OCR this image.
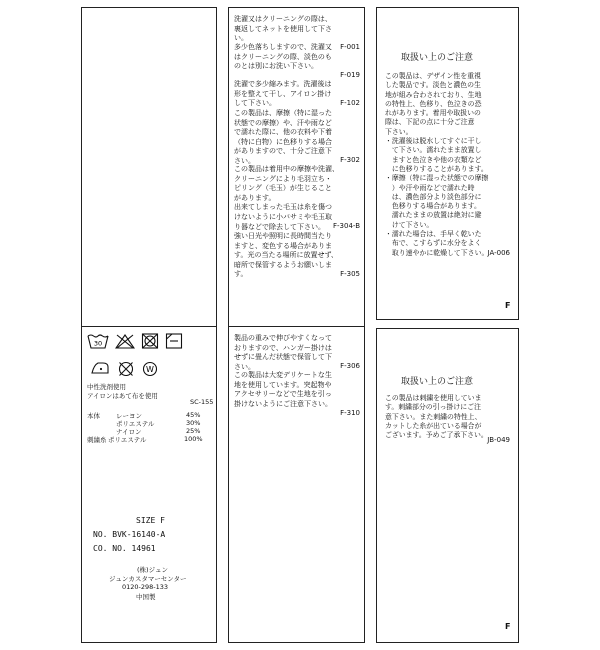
30
W
中性洗剤使用
アイロンはあて布を使用
SC-155
本体 レーヨン	45%
ポリエステル	30%
ナイロン	25%
刺繍糸 ポリエステル	100%
SIZE F
NO. BVK-16140-A
CO. NO. 14961
(株)ジュン
ジュンカスタマーセンター
0120-298-133
中国製
洗濯又はクリーニングの際は、
裏返してネットを使用して下さ
い。
F-001
多少色落ちしますので、洗濯又
はクリーニングの際、淡色のも
のとは別にお洗い下さい。
F-019
洗濯で多少縮みます。洗濯後は
形を整えて干し、アイロン掛け
して下さい。	F-102
この製品は、摩擦（特に湿った
状態での摩擦）や、汗や雨など
で濡れた際に、他の衣料や下着
（特に白物）に色移りする場合
がありますので、十分ご注意下
さい。	F-302
この製品は着用中の摩擦や洗濯、
クリーニングにより毛羽立ち・
ピリング（毛玉）が生じること
があります。
出来てしまった毛玉は糸を傷つ
けないように小バサミや毛玉取
り器などで除去して下さい。	F-304-B
強い日光や照明に長時間当たり
ますと、変色する場合がありま
す。光の当たる場所に放置せず、
暗所で保管するようお願いしま
す。	F-305
製品の重みで伸びやすくなって
おりますので、ハンガー掛けは
せずに畳んだ状態で保管して下
さい。	F-306
この製品は大変デリケートな生
地を使用しています。突起物や
アクセサリーなどで生地を引っ
掛けないようにご注意下さい。
F-310
取扱い上のご注意
この製品は、デザイン性を重視
した製品です。淡色と濃色の生
地が組み合わされており、生地
の特性上、色移り、色泣きの恐
れがあります。着用や取扱いの
際は、下記の点に十分ご注意
下さい。
・洗濯後は脱水してすぐに干し
　て下さい。濡れたまま放置し
　ますと色泣きや他の衣類など
　に色移りすることがあります。
・摩擦（特に湿った状態での摩擦
　）や汗や雨などで濡れた時
　は、濃色部分より淡色部分に
　色移りする場合があります。
　濡れたままの放置は絶対に避
　けて下さい。
・濡れた場合は、手早く乾いた
　布で、こすらずに水分をよく
　取り速やかに乾燥して下さい。 JA-006
F
取扱い上のご注意
この製品は刺繍を使用していま
す。刺繍部分の引っ掛けにご注
意下さい。また刺繍の特性上、
カットした糸が出ている場合が
ございます。予めご了承下さい。
JB-049
F
